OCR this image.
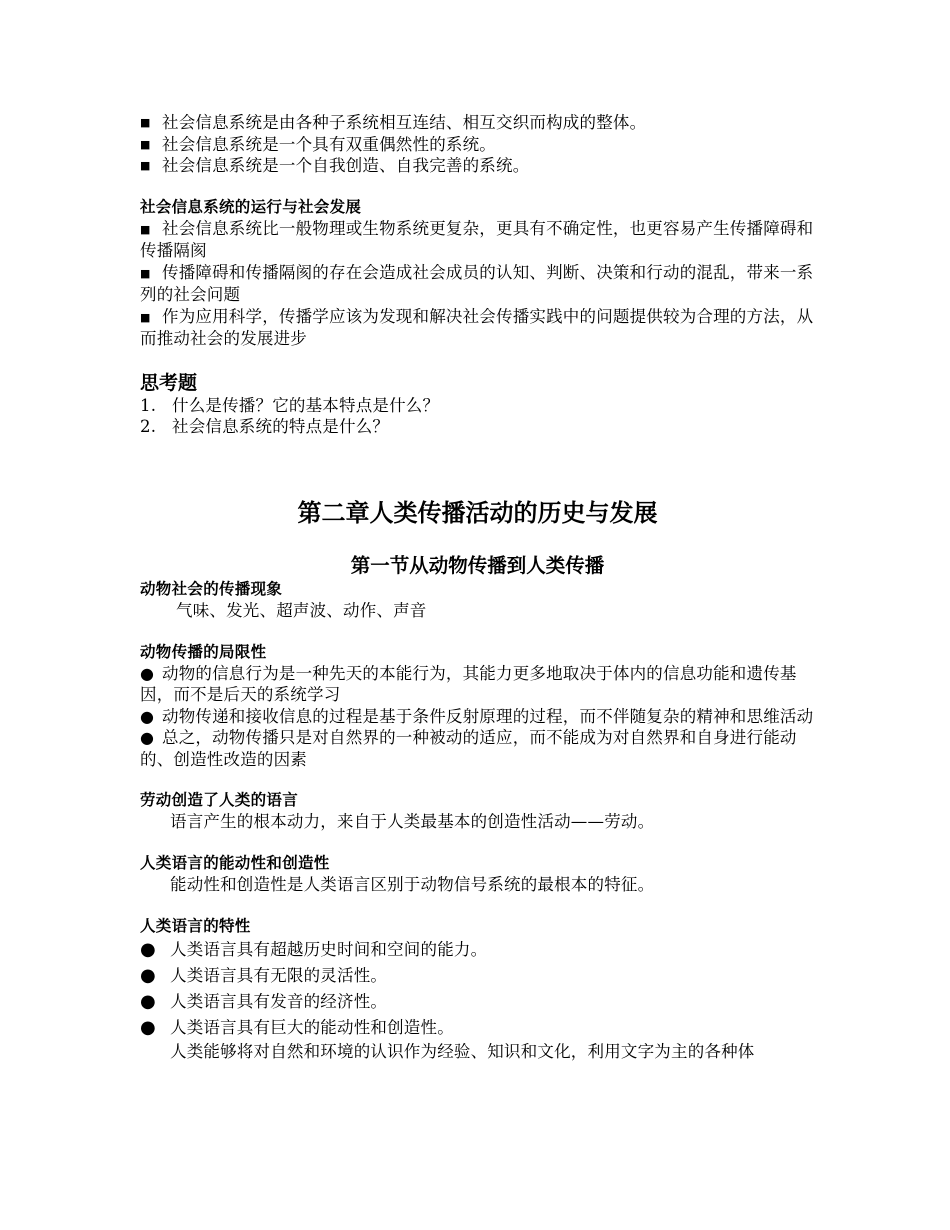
■ 社会信息系统是由各种子系统相互连结、相互交织而构成的整体。
■ 社会信息系统是一个具有双重偶然性的系统。
■ 社会信息系统是一个自我创造、自我完善的系统。
社会信息系统的运行与社会发展
■ 社会信息系统比一般物理或生物系统更复杂，更具有不确定性，也更容易产生传播障碍和传播隔阂
■ 传播障碍和传播隔阂的存在会造成社会成员的认知、判断、决策和行动的混乱，带来一系列的社会问题
■ 作为应用科学，传播学应该为发现和解决社会传播实践中的问题提供较为合理的方法，从而推动社会的发展进步
思考题
1. 什么是传播？它的基本特点是什么？
2. 社会信息系统的特点是什么？
第二章人类传播活动的历史与发展
第一节从动物传播到人类传播
动物社会的传播现象
气味、发光、超声波、动作、声音
动物传播的局限性
● 动物的信息行为是一种先天的本能行为，其能力更多地取决于体内的信息功能和遗传基因，而不是后天的系统学习
● 动物传递和接收信息的过程是基于条件反射原理的过程，而不伴随复杂的精神和思维活动
● 总之，动物传播只是对自然界的一种被动的适应，而不能成为对自然界和自身进行能动的、创造性改造的因素
劳动创造了人类的语言
语言产生的根本动力，来自于人类最基本的创造性活动——劳动。
人类语言的能动性和创造性
能动性和创造性是人类语言区别于动物信号系统的最根本的特征。
人类语言的特性
● 人类语言具有超越历史时间和空间的能力。
● 人类语言具有无限的灵活性。
● 人类语言具有发音的经济性。
● 人类语言具有巨大的能动性和创造性。
人类能够将对自然和环境的认识作为经验、知识和文化，利用文字为主的各种体
